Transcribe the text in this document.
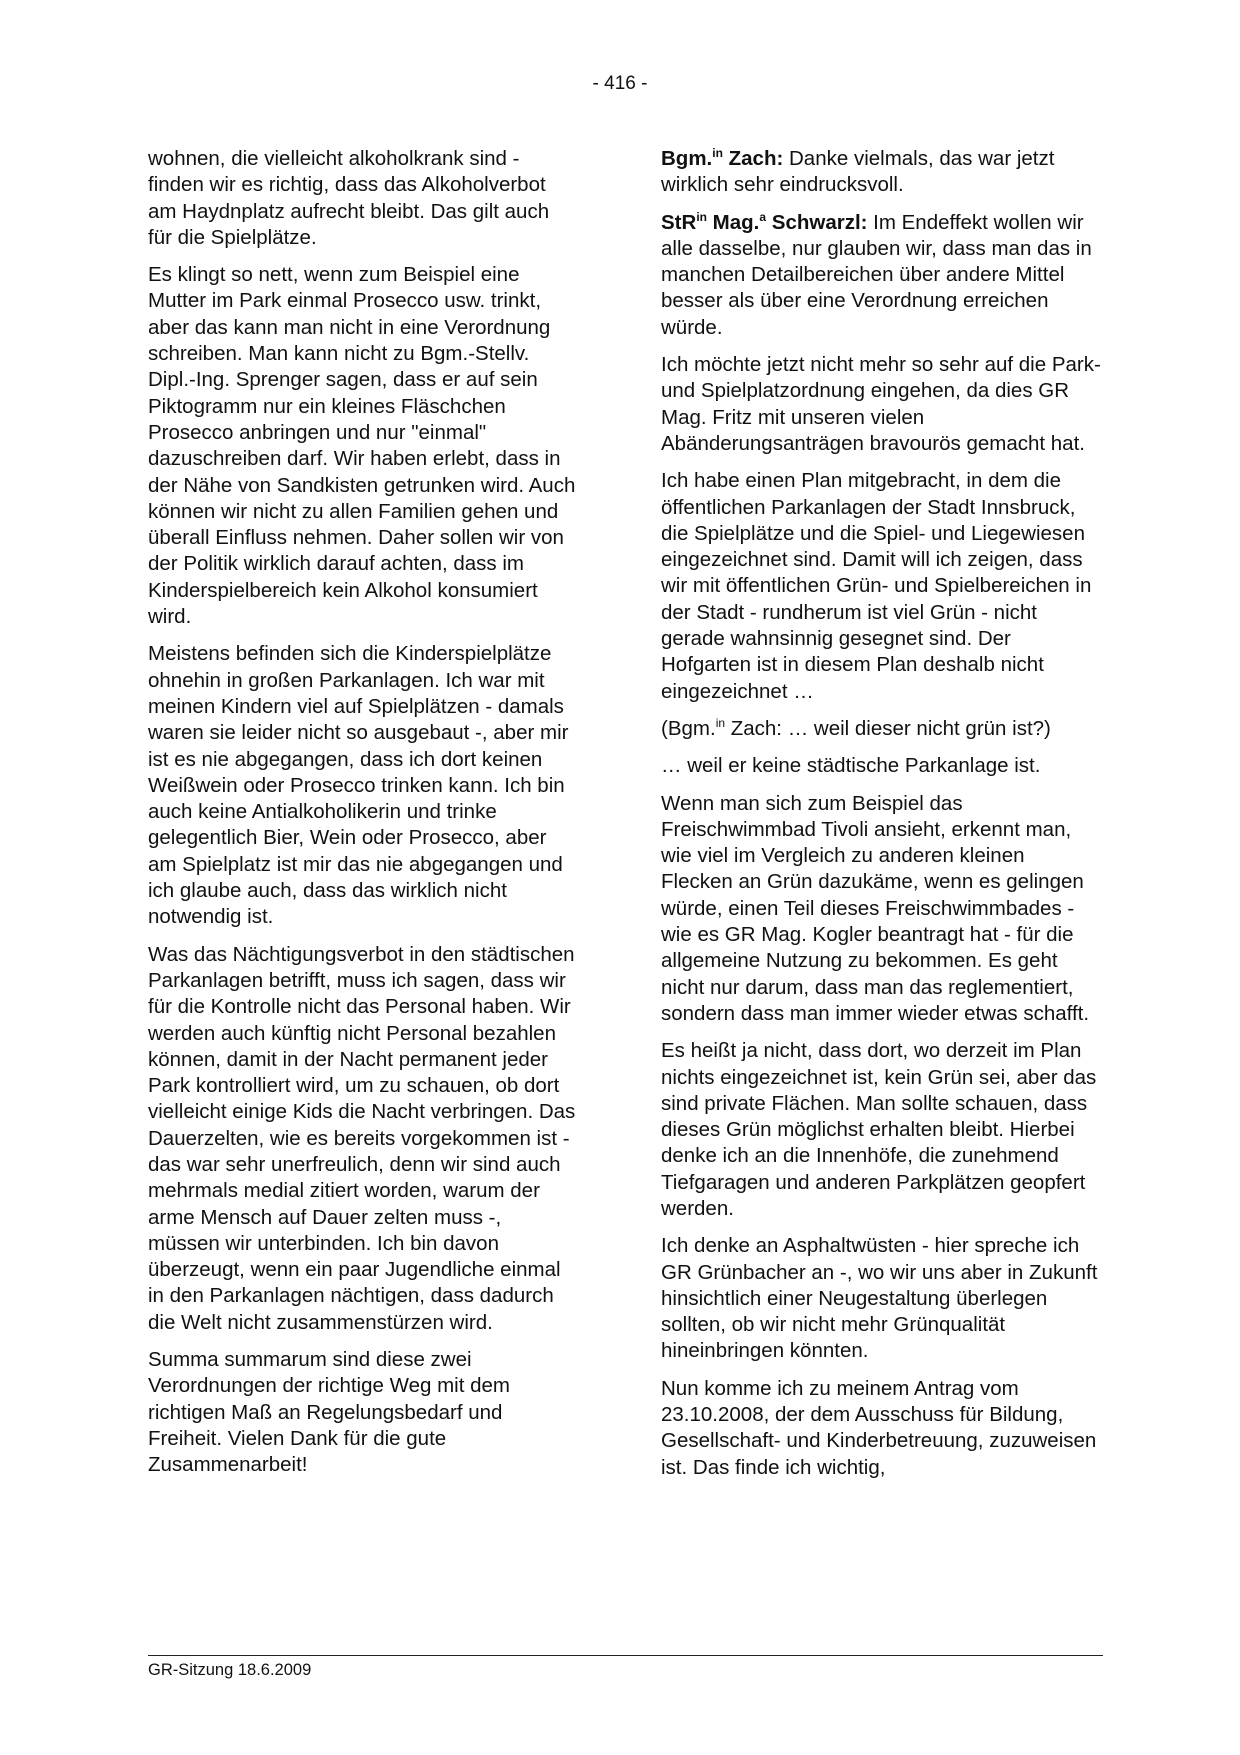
- 416 -

wohnen, die vielleicht alkoholkrank sind - finden wir es richtig, dass das Alkoholverbot am Haydnplatz aufrecht bleibt. Das gilt auch für die Spielplätze.

Es klingt so nett, wenn zum Beispiel eine Mutter im Park einmal Prosecco usw. trinkt, aber das kann man nicht in eine Verordnung schreiben. Man kann nicht zu Bgm.-Stellv. Dipl.-Ing. Sprenger sagen, dass er auf sein Piktogramm nur ein kleines Fläschchen Prosecco anbringen und nur "einmal" dazuschreiben darf. Wir haben erlebt, dass in der Nähe von Sandkisten getrunken wird. Auch können wir nicht zu allen Familien gehen und überall Einfluss nehmen. Daher sollen wir von der Politik wirklich darauf achten, dass im Kinderspielbereich kein Alkohol konsumiert wird.

Meistens befinden sich die Kinderspielplätze ohnehin in großen Parkanlagen. Ich war mit meinen Kindern viel auf Spielplätzen - damals waren sie leider nicht so ausgebaut -, aber mir ist es nie abgegangen, dass ich dort keinen Weißwein oder Prosecco trinken kann. Ich bin auch keine Antialkoholikerin und trinke gelegentlich Bier, Wein oder Prosecco, aber am Spielplatz ist mir das nie abgegangen und ich glaube auch, dass das wirklich nicht notwendig ist.

Was das Nächtigungsverbot in den städtischen Parkanlagen betrifft, muss ich sagen, dass wir für die Kontrolle nicht das Personal haben. Wir werden auch künftig nicht Personal bezahlen können, damit in der Nacht permanent jeder Park kontrolliert wird, um zu schauen, ob dort vielleicht einige Kids die Nacht verbringen. Das Dauerzelten, wie es bereits vorgekommen ist - das war sehr unerfreulich, denn wir sind auch mehrmals medial zitiert worden, warum der arme Mensch auf Dauer zelten muss -, müssen wir unterbinden. Ich bin davon überzeugt, wenn ein paar Jugendliche einmal in den Parkanlagen nächtigen, dass dadurch die Welt nicht zusammenstürzen wird.

Summa summarum sind diese zwei Verordnungen der richtige Weg mit dem richtigen Maß an Regelungsbedarf und Freiheit. Vielen Dank für die gute Zusammenarbeit!

Bgm.$^{in}$ Zach: Danke vielmals, das war jetzt wirklich sehr eindrucksvoll.

StR$^{in}$ Mag.$^a$ Schwarzl: Im Endeffekt wollen wir alle dasselbe, nur glauben wir, dass man das in manchen Detailbereichen über andere Mittel besser als über eine Verordnung erreichen würde.

Ich möchte jetzt nicht mehr so sehr auf die Park- und Spielplatzordnung eingehen, da dies GR Mag. Fritz mit unseren vielen Abänderungsanträgen bravourös gemacht hat.

Ich habe einen Plan mitgebracht, in dem die öffentlichen Parkanlagen der Stadt Innsbruck, die Spielplätze und die Spiel- und Liegewiesen eingezeichnet sind. Damit will ich zeigen, dass wir mit öffentlichen Grün- und Spielbereichen in der Stadt - rundherum ist viel Grün - nicht gerade wahnsinnig gesegnet sind. Der Hofgarten ist in diesem Plan deshalb nicht eingezeichnet …

(Bgm.$^{in}$ Zach: … weil dieser nicht grün ist?)

… weil er keine städtische Parkanlage ist.

Wenn man sich zum Beispiel das Freischwimmbad Tivoli ansieht, erkennt man, wie viel im Vergleich zu anderen kleinen Flecken an Grün dazukäme, wenn es gelingen würde, einen Teil dieses Freischwimmbades - wie es GR Mag. Kogler beantragt hat - für die allgemeine Nutzung zu bekommen. Es geht nicht nur darum, dass man das reglementiert, sondern dass man immer wieder etwas schafft.

Es heißt ja nicht, dass dort, wo derzeit im Plan nichts eingezeichnet ist, kein Grün sei, aber das sind private Flächen. Man sollte schauen, dass dieses Grün möglichst erhalten bleibt. Hierbei denke ich an die Innenhöfe, die zunehmend Tiefgaragen und anderen Parkplätzen geopfert werden.

Ich denke an Asphaltwüsten - hier spreche ich GR Grünbacher an -, wo wir uns aber in Zukunft hinsichtlich einer Neugestaltung überlegen sollten, ob wir nicht mehr Grünqualität hineinbringen könnten.

Nun komme ich zu meinem Antrag vom 23.10.2008, der dem Ausschuss für Bildung, Gesellschaft- und Kinderbetreuung, zuzuweisen ist. Das finde ich wichtig,

GR-Sitzung 18.6.2009
